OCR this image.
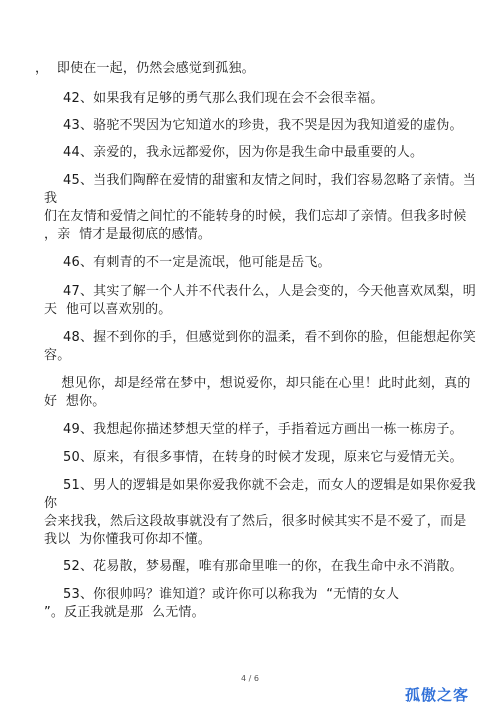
，  即使在一起，仍然会感觉到孤独。
42、如果我有足够的勇气那么我们现在会不会很幸福。
43、骆驼不哭因为它知道水的珍贵，我不哭是因为我知道爱的虚伪。
44、亲爱的，我永远都爱你，因为你是我生命中最重要的人。
45、当我们陶醉在爱情的甜蜜和友情之间时，我们容易忽略了亲情。当
我
们在友情和爱情之间忙的不能转身的时候，我们忘却了亲情。但我多时候
，亲  情才是最彻底的感情。
46、有刺青的不一定是流氓，他可能是岳飞。
47、其实了解一个人并不代表什么，人是会变的，今天他喜欢凤梨，明
天  他可以喜欢别的。
48、握不到你的手，但感觉到你的温柔，看不到你的脸，但能想起你笑
容。
想见你，却是经常在梦中，想说爱你，却只能在心里！此时此刻，真的
好  想你。
49、我想起你描述梦想天堂的样子，手指着远方画出一栋一栋房子。
50、原来，有很多事情，在转身的时候才发现，原来它与爱情无关。
51、男人的逻辑是如果你爱我你就不会走，而女人的逻辑是如果你爱我
你
会来找我，然后这段故事就没有了然后，很多时候其实不是不爱了，而是
我以  为你懂我可你却不懂。
52、花易散，梦易醒，唯有那命里唯一的你，在我生命中永不消散。
53、你很帅吗？谁知道？或许你可以称我为  “无情的女人
”。反正我就是那  么无情。
4 / 6
孤傲之客
